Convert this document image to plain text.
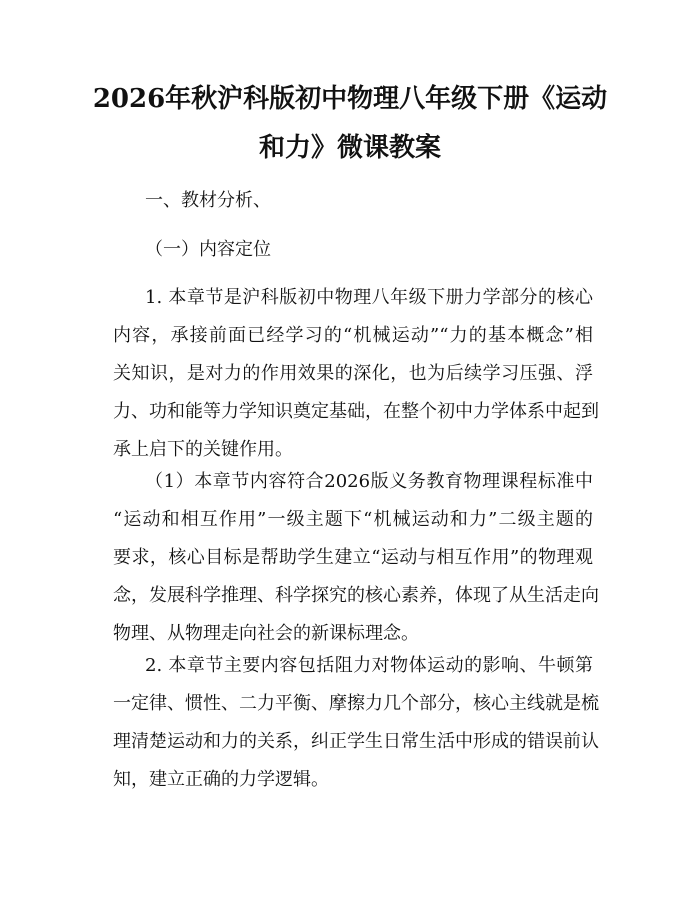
2026年秋沪科版初中物理八年级下册《运动
和力》微课教案

一、教材分析、

（一）内容定位

1. 本章节是沪科版初中物理八年级下册力学部分的核心
内容，承接前面已经学习的“机械运动”“力的基本概念”相
关知识，是对力的作用效果的深化，也为后续学习压强、浮
力、功和能等力学知识奠定基础，在整个初中力学体系中起到
承上启下的关键作用。
（1）本章节内容符合2026版义务教育物理课程标准中
“运动和相互作用”一级主题下“机械运动和力”二级主题的
要求，核心目标是帮助学生建立“运动与相互作用”的物理观
念，发展科学推理、科学探究的核心素养，体现了从生活走向
物理、从物理走向社会的新课标理念。
2. 本章节主要内容包括阻力对物体运动的影响、牛顿第
一定律、惯性、二力平衡、摩擦力几个部分，核心主线就是梳
理清楚运动和力的关系，纠正学生日常生活中形成的错误前认
知，建立正确的力学逻辑。
